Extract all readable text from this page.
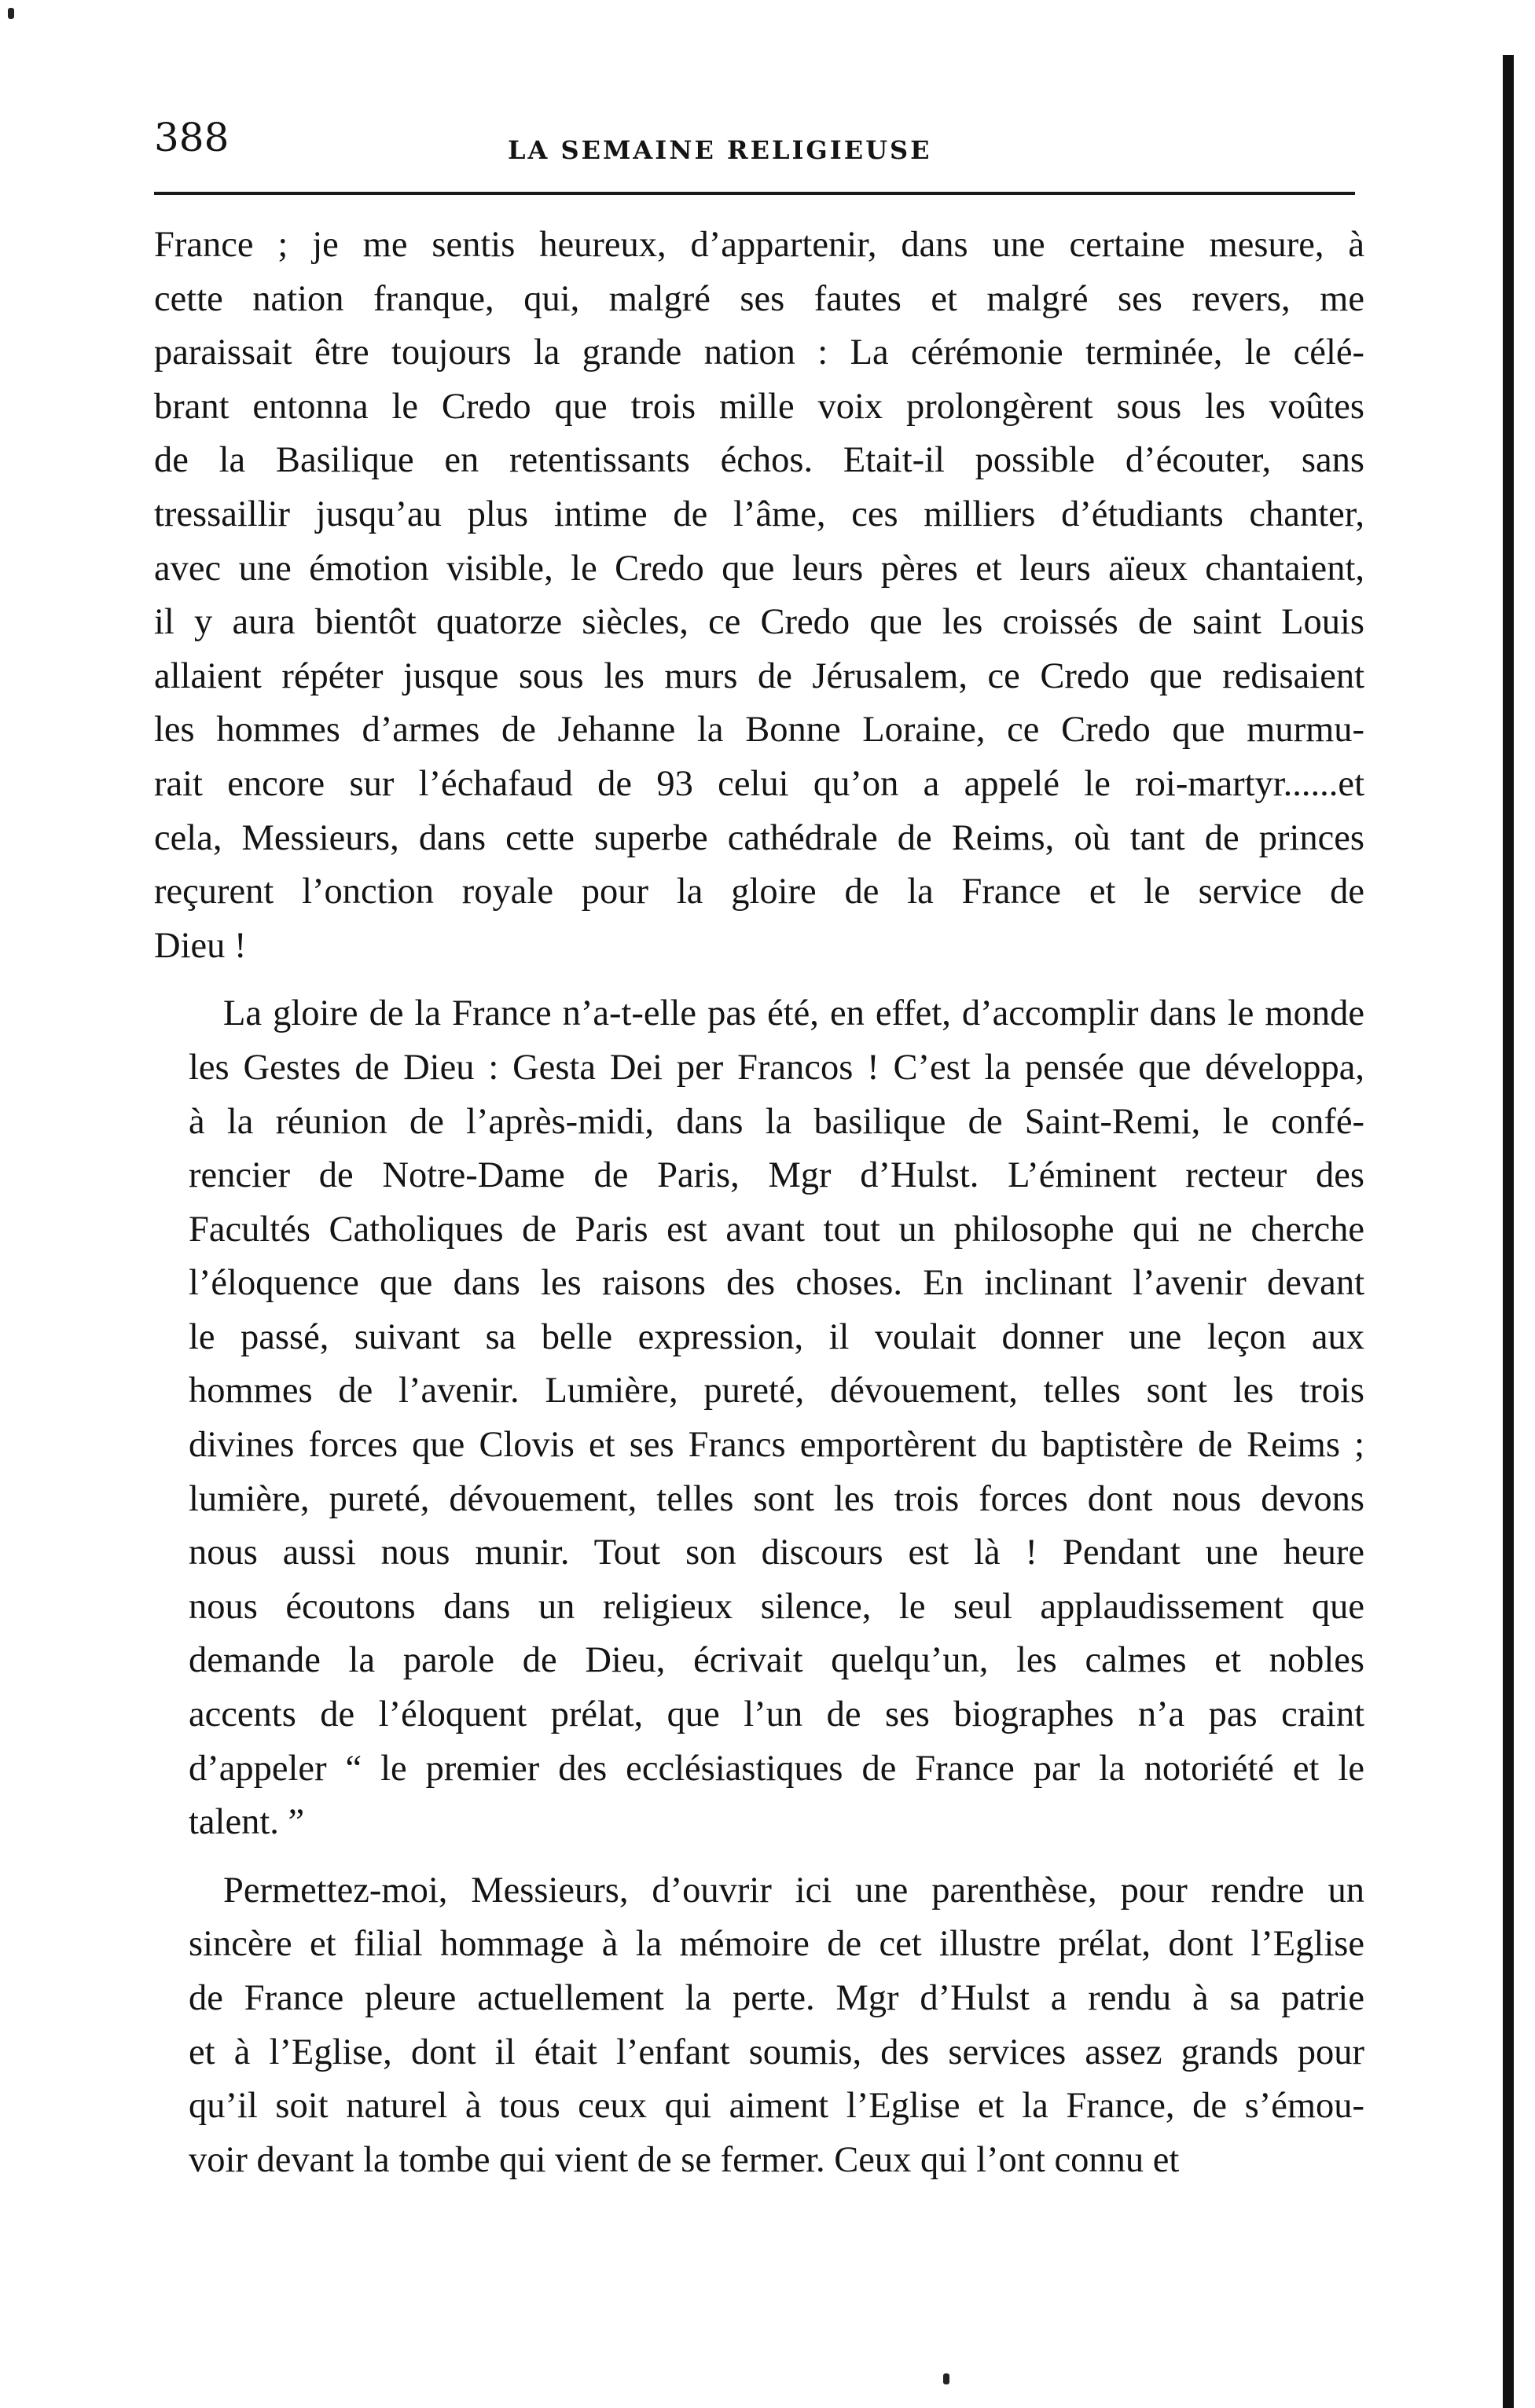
388	LA SEMAINE RELIGIEUSE
France ; je me sentis heureux, d’appartenir, dans une certaine mesure, à
cette nation franque, qui, malgré ses fautes et malgré ses revers, me
paraissait être toujours la grande nation : La cérémonie terminée, le célé-
brant entonna le Credo que trois mille voix prolongèrent sous les voûtes
de la Basilique en retentissants échos. Etait-il possible d’écouter, sans
tressaillir jusqu’au plus intime de l’âme, ces milliers d’étudiants chanter,
avec une émotion visible, le Credo que leurs pères et leurs aïeux chantaient,
il y aura bientôt quatorze siècles, ce Credo que les croissés de saint Louis
allaient répéter jusque sous les murs de Jérusalem, ce Credo que redisaient
les hommes d’armes de Jehanne la Bonne Loraine, ce Credo que murmu-
rait encore sur l’échafaud de 93 celui qu’on a appelé le roi-martyr......et
cela, Messieurs, dans cette superbe cathédrale de Reims, où tant de princes
reçurent l’onction royale pour la gloire de la France et le service de
Dieu !
La gloire de la France n’a-t-elle pas été, en effet, d’accomplir dans le monde
les Gestes de Dieu : Gesta Dei per Francos ! C’est la pensée que développa,
à la réunion de l’après-midi, dans la basilique de Saint-Remi, le confé-
rencier de Notre-Dame de Paris, Mgr d’Hulst. L’éminent recteur des
Facultés Catholiques de Paris est avant tout un philosophe qui ne cherche
l’éloquence que dans les raisons des choses. En inclinant l’avenir devant
le passé, suivant sa belle expression, il voulait donner une leçon aux
hommes de l’avenir. Lumière, pureté, dévouement, telles sont les trois
divines forces que Clovis et ses Francs emportèrent du baptistère de Reims ;
lumière, pureté, dévouement, telles sont les trois forces dont nous devons
nous aussi nous munir. Tout son discours est là ! Pendant une heure
nous écoutons dans un religieux silence, le seul applaudissement que
demande la parole de Dieu, écrivait quelqu’un, les calmes et nobles
accents de l’éloquent prélat, que l’un de ses biographes n’a pas craint
d’appeler “ le premier des ecclésiastiques de France par la notoriété et le
talent. ”
Permettez-moi, Messieurs, d’ouvrir ici une parenthèse, pour rendre un
sincère et filial hommage à la mémoire de cet illustre prélat, dont l’Eglise
de France pleure actuellement la perte. Mgr d’Hulst a rendu à sa patrie
et à l’Eglise, dont il était l’enfant soumis, des services assez grands pour
qu’il soit naturel à tous ceux qui aiment l’Eglise et la France, de s’émou-
voir devant la tombe qui vient de se fermer. Ceux qui l’ont connu et
